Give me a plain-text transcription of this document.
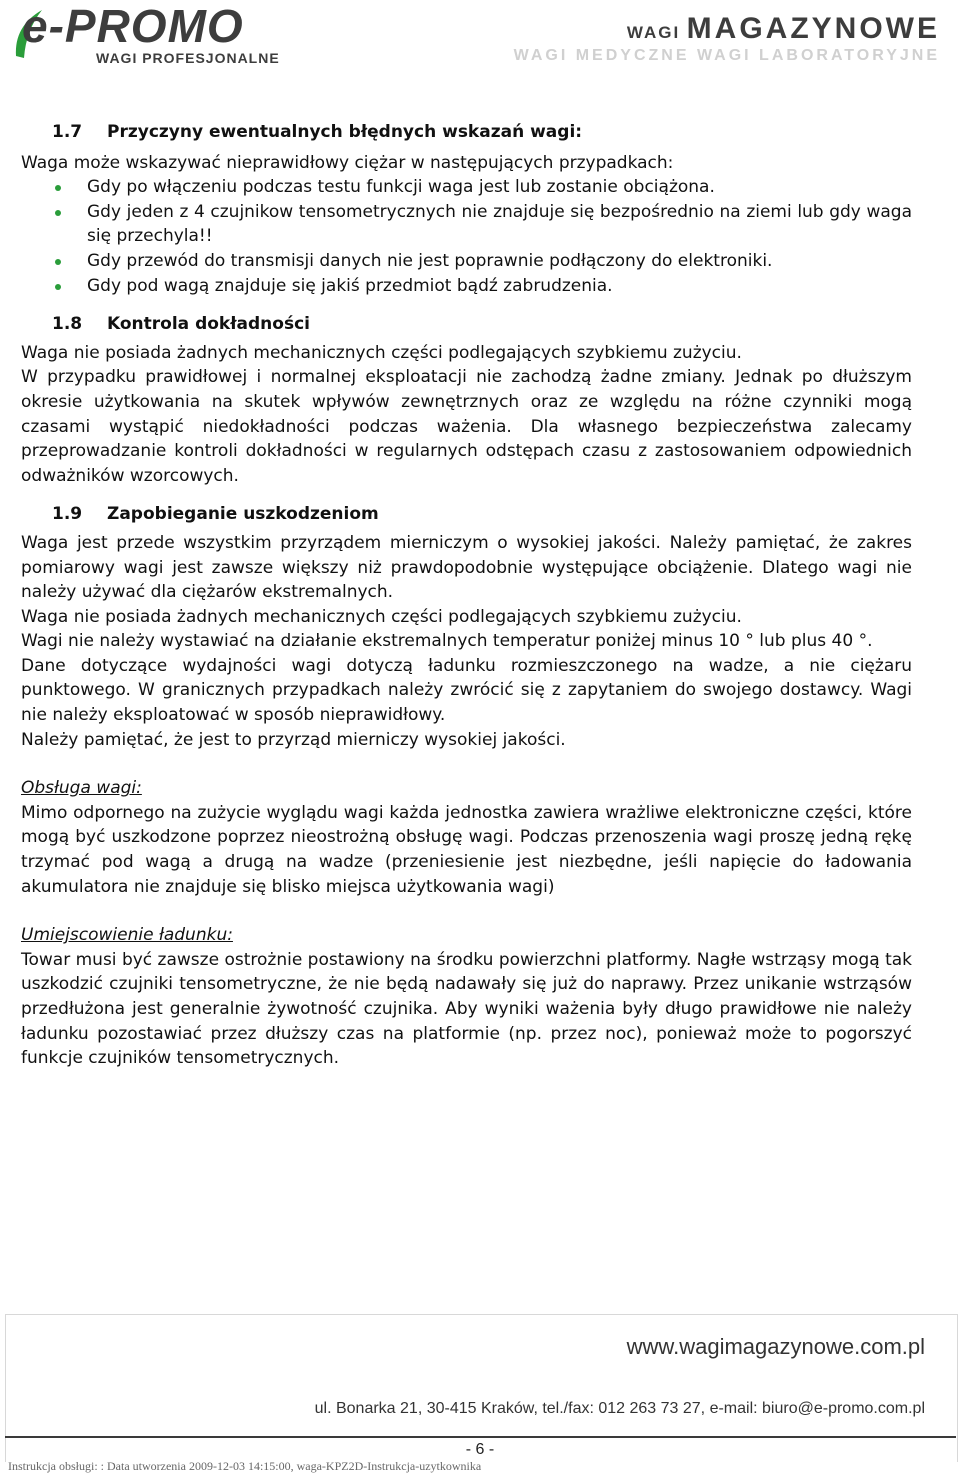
e-PROMO
WAGI PROFESJONALNE
WAGI MAGAZYNOWE
WAGI MEDYCZNE WAGI LABORATORYJNE
1.7 Przyczyny ewentualnych błędnych wskazań wagi:

Waga może wskazywać nieprawidłowy ciężar w następujących przypadkach:

Gdy po włączeniu podczas testu funkcji waga jest lub zostanie obciążona.
Gdy jeden z 4 czujnikow tensometrycznych nie znajduje się bezpośrednio na ziemi lub gdy waga się przechyla!!
Gdy przewód do transmisji danych nie jest poprawnie podłączony do elektroniki.
Gdy pod wagą znajduje się jakiś przedmiot bądź zabrudzenia.
1.8 Kontrola dokładności

Waga nie posiada żadnych mechanicznych części podlegających szybkiemu zużyciu.

W przypadku prawidłowej i normalnej eksploatacji nie zachodzą żadne zmiany. Jednak po dłuższym okresie użytkowania na skutek wpływów zewnętrznych oraz ze względu na różne czynniki mogą czasami wystąpić niedokładności podczas ważenia. Dla własnego bezpieczeństwa zalecamy przeprowadzanie kontroli dokładności w regularnych odstępach czasu z zastosowaniem odpowiednich odważników wzorcowych.

1.9 Zapobieganie uszkodzeniom

Waga jest przede wszystkim przyrządem mierniczym o wysokiej jakości. Należy pamiętać, że zakres pomiarowy wagi jest zawsze większy niż prawdopodobnie występujące obciążenie. Dlatego wagi nie należy używać dla ciężarów ekstremalnych.

Waga nie posiada żadnych mechanicznych części podlegających szybkiemu zużyciu.

Wagi nie należy wystawiać na działanie ekstremalnych temperatur poniżej minus 10 ° lub plus 40 °.

Dane dotyczące wydajności wagi dotyczą ładunku rozmieszczonego na wadze, a nie ciężaru punktowego. W granicznych przypadkach należy zwrócić się z zapytaniem do swojego dostawcy. Wagi nie należy eksploatować w sposób nieprawidłowy.

Należy pamiętać, że jest to przyrząd mierniczy wysokiej jakości.

Obsługa wagi:

Mimo odpornego na zużycie wyglądu wagi każda jednostka zawiera wrażliwe elektroniczne części, które mogą być uszkodzone poprzez nieostrożną obsługę wagi. Podczas przenoszenia wagi proszę jedną rękę trzymać pod wagą a drugą na wadze (przeniesienie jest niezbędne, jeśli napięcie do ładowania akumulatora nie znajduje się blisko miejsca użytkowania wagi)

Umiejscowienie ładunku:

Towar musi być zawsze ostrożnie postawiony na środku powierzchni platformy. Nagłe wstrząsy mogą tak uszkodzić czujniki tensometryczne, że nie będą nadawały się już do naprawy. Przez unikanie wstrząsów przedłużona jest generalnie żywotność czujnika. Aby wyniki ważenia były długo prawidłowe nie należy ładunku pozostawiać przez dłuższy czas na platformie (np. przez noc), ponieważ może to pogorszyć funkcje czujników tensometrycznych.

www.wagimagazynowe.com.pl
ul. Bonarka 21, 30-415 Kraków, tel./fax: 012 263 73 27, e-mail: biuro@e-promo.com.pl
- 6 -
Instrukcja obsługi: : Data utworzenia 2009-12-03 14:15:00, waga-KPZ2D-Instrukcja-uzytkownika
